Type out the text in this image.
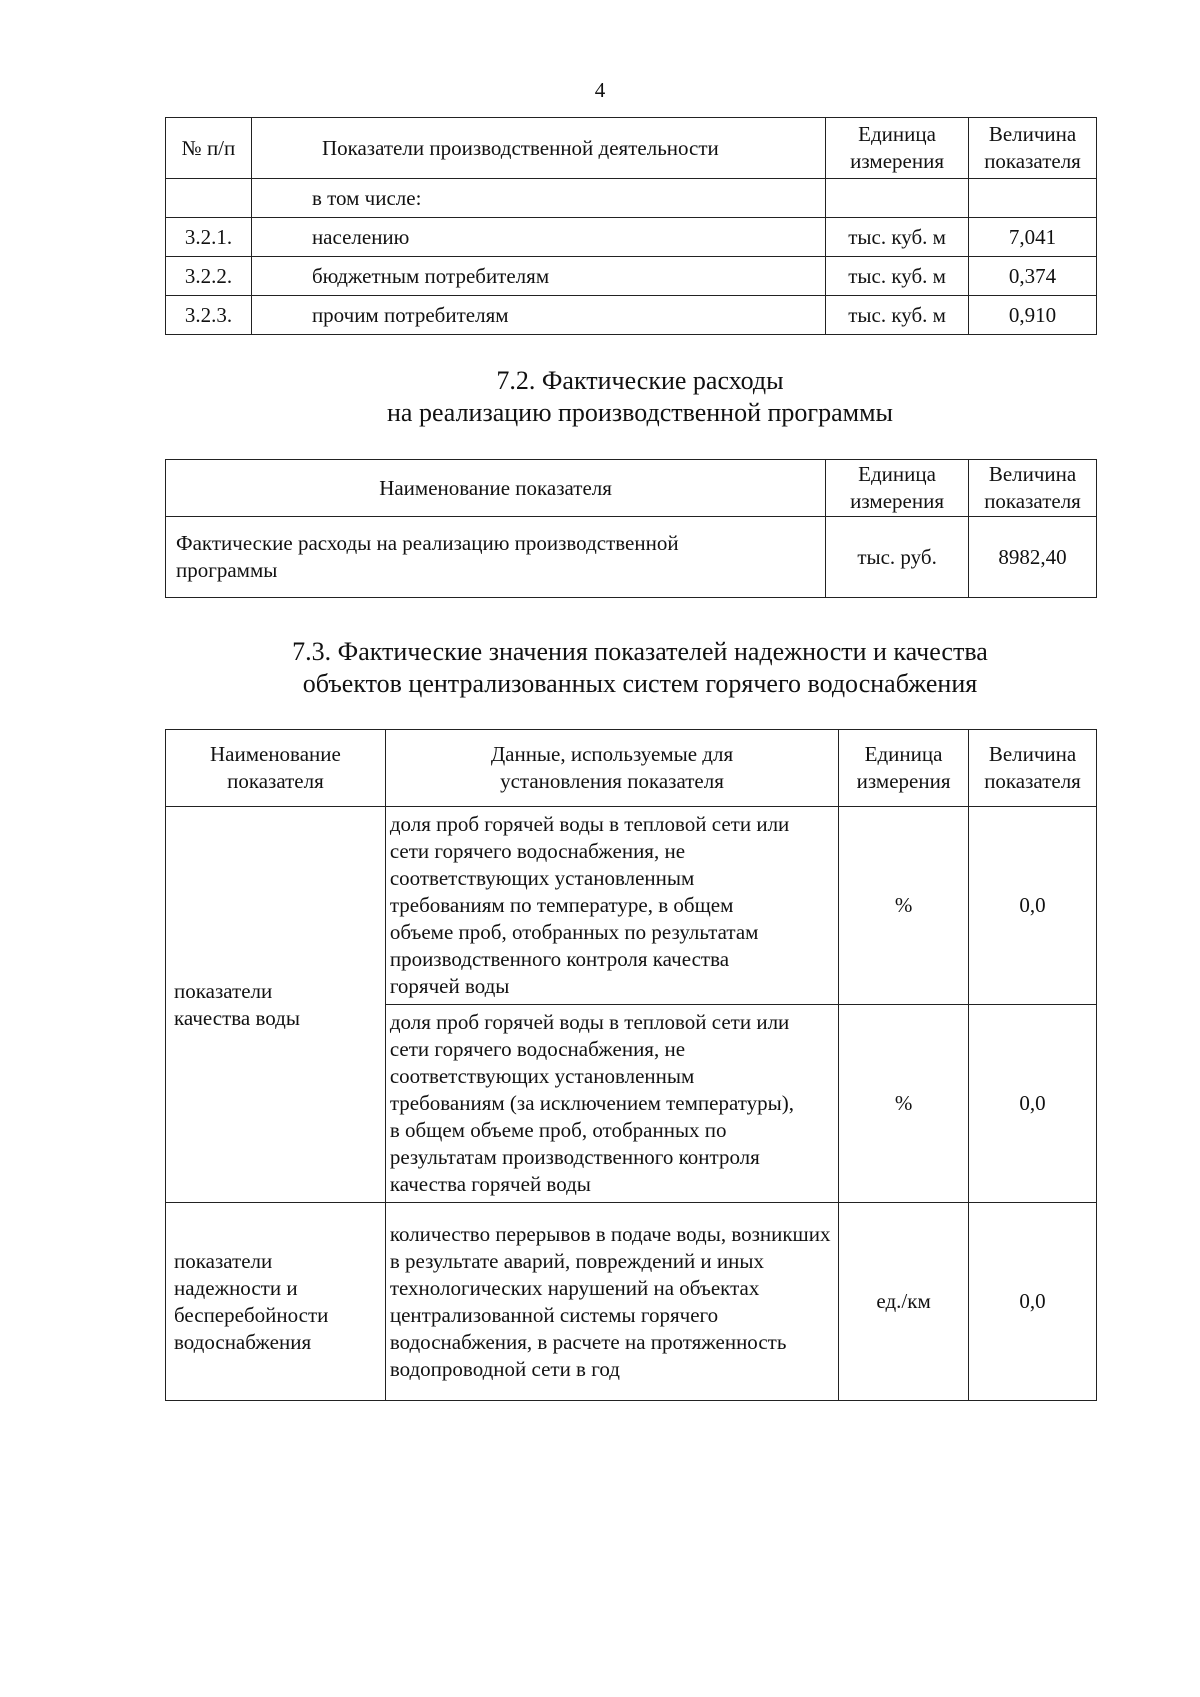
4
№ п/п	Показатели производственной деятельности	Единица измерения	Величина показателя
	в том числе:		
3.2.1.	населению	тыс. куб. м	7,041
3.2.2.	бюджетным потребителям	тыс. куб. м	0,374
3.2.3.	прочим потребителям	тыс. куб. м	0,910
7.2. Фактические расходы
на реализацию производственной программы
Наименование показателя	Единица измерения	Величина показателя
Фактические расходы на реализацию производственной программы	тыс. руб.	8982,40
7.3. Фактические значения показателей надежности и качества
объектов централизованных систем горячего водоснабжения
Наименование показателя	Данные, используемые для установления показателя	Единица измерения	Величина показателя
показатели качества воды	доля проб горячей воды в тепловой сети или сети горячего водоснабжения, не соответствующих установленным требованиям по температуре, в общем объеме проб, отобранных по результатам производственного контроля качества горячей воды	%	0,0
	доля проб горячей воды в тепловой сети или сети горячего водоснабжения, не соответствующих установленным требованиям (за исключением температуры), в общем объеме проб, отобранных по результатам производственного контроля качества горячей воды	%	0,0
показатели надежности и бесперебойности водоснабжения	количество перерывов в подаче воды, возникших в результате аварий, повреждений и иных технологических нарушений на объектах централизованной системы горячего водоснабжения, в расчете на протяженность водопроводной сети в год	ед./км	0,0
